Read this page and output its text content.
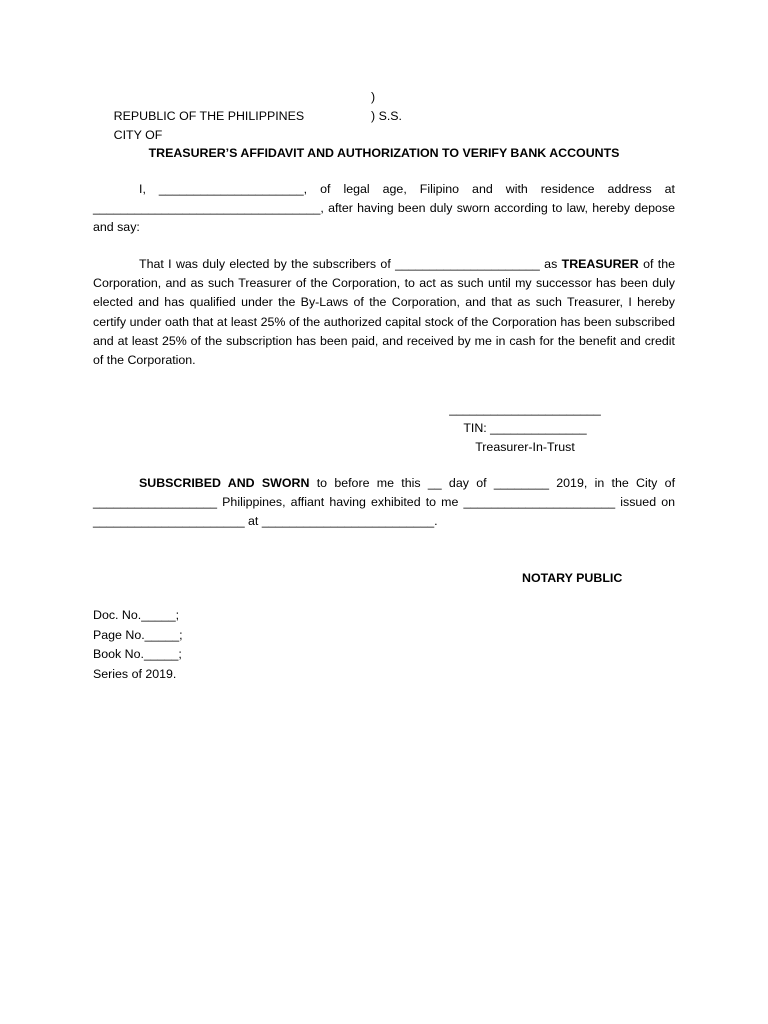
REPUBLIC OF THE PHILIPPINES

)

CITY OF

) S.S.

TREASURER’S AFFIDAVIT AND AUTHORIZATION TO VERIFY BANK ACCOUNTS
I, _____________________, of legal age, Filipino and with residence address at _________________________________, after having been duly sworn according to law, hereby depose and say:
That I was duly elected by the subscribers of _____________________ as TREASURER of the Corporation, and as such Treasurer of the Corporation, to act as such until my successor has been duly elected and has qualified under the By-Laws of the Corporation, and that as such Treasurer, I hereby certify under oath that at least 25% of the authorized capital stock of the Corporation has been subscribed and at least 25% of the subscription has been paid, and received by me in cash for the benefit and credit of the Corporation.
______________________
TIN: ______________
Treasurer-In-Trust
SUBSCRIBED AND SWORN to before me this __ day of ________ 2019, in the City of __________________ Philippines, affiant having exhibited to me ______________________ issued on ______________________ at _________________________.
NOTARY PUBLIC
Doc. No._____;
Page No._____;
Book No._____;
Series of 2019.
